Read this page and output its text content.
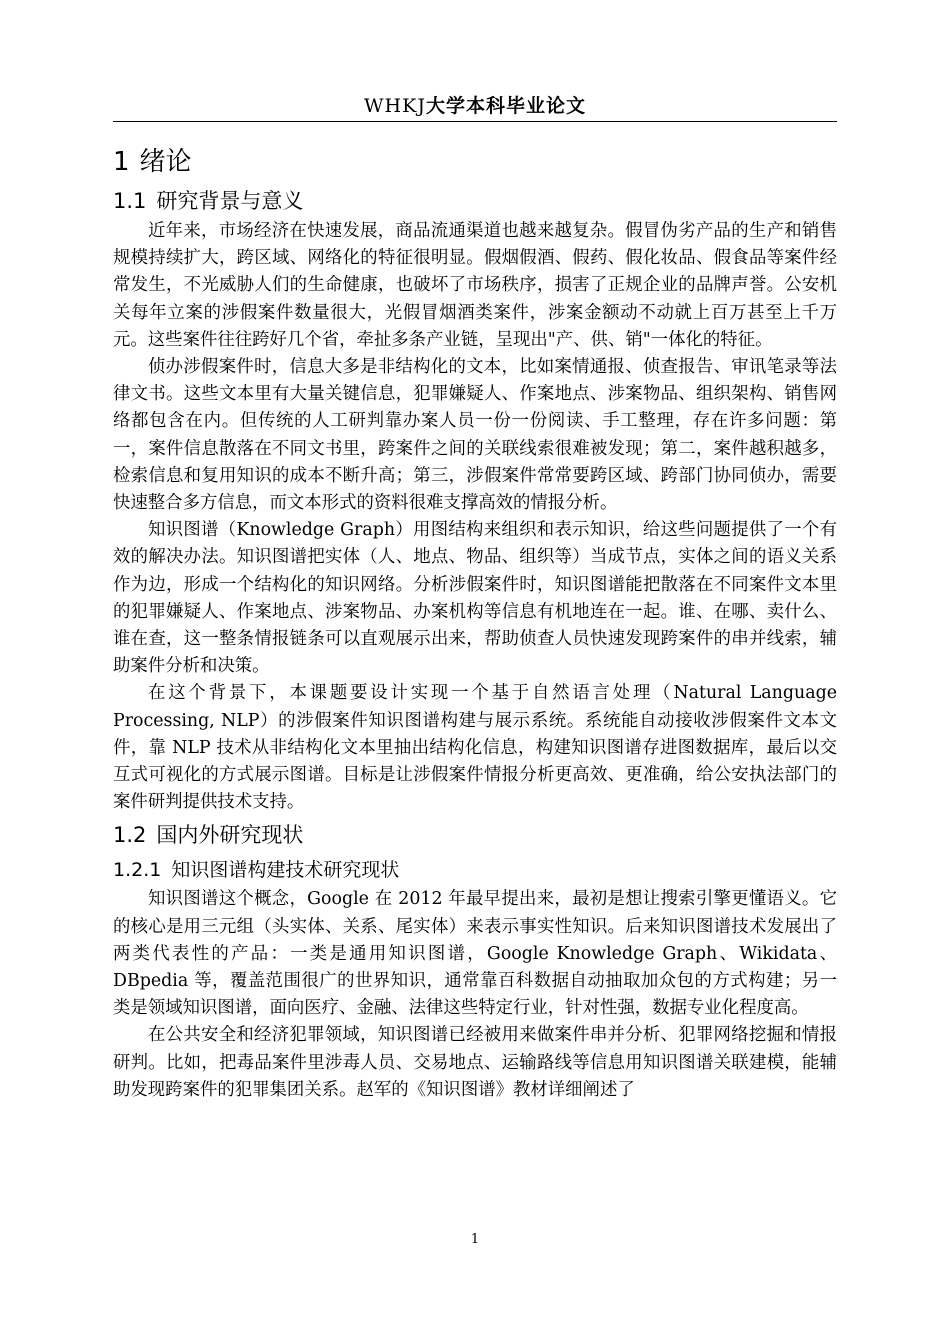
WHKJ大学本科毕业论文
1 绪论
1.1 研究背景与意义

近年来，市场经济在快速发展，商品流通渠道也越来越复杂。假冒伪劣产品的生产和销售规模持续扩大，跨区域、网络化的特征很明显。假烟假酒、假药、假化妆品、假食品等案件经常发生，不光威胁人们的生命健康，也破坏了市场秩序，损害了正规企业的品牌声誉。公安机关每年立案的涉假案件数量很大，光假冒烟酒类案件，涉案金额动不动就上百万甚至上千万元。这些案件往往跨好几个省，牵扯多条产业链，呈现出"产、供、销"一体化的特征。

侦办涉假案件时，信息大多是非结构化的文本，比如案情通报、侦查报告、审讯笔录等法律文书。这些文本里有大量关键信息，犯罪嫌疑人、作案地点、涉案物品、组织架构、销售网络都包含在内。但传统的人工研判靠办案人员一份一份阅读、手工整理，存在许多问题：第一，案件信息散落在不同文书里，跨案件之间的关联线索很难被发现；第二，案件越积越多，检索信息和复用知识的成本不断升高；第三，涉假案件常常要跨区域、跨部门协同侦办，需要快速整合多方信息，而文本形式的资料很难支撑高效的情报分析。

知识图谱（Knowledge Graph）用图结构来组织和表示知识，给这些问题提供了一个有效的解决办法。知识图谱把实体（人、地点、物品、组织等）当成节点，实体之间的语义关系作为边，形成一个结构化的知识网络。分析涉假案件时，知识图谱能把散落在不同案件文本里的犯罪嫌疑人、作案地点、涉案物品、办案机构等信息有机地连在一起。谁、在哪、卖什么、谁在查，这一整条情报链条可以直观展示出来，帮助侦查人员快速发现跨案件的串并线索，辅助案件分析和决策。

在这个背景下，本课题要设计实现一个基于自然语言处理（Natural Language Processing, NLP）的涉假案件知识图谱构建与展示系统。系统能自动接收涉假案件文本文件，靠 NLP 技术从非结构化文本里抽出结构化信息，构建知识图谱存进图数据库，最后以交互式可视化的方式展示图谱。目标是让涉假案件情报分析更高效、更准确，给公安执法部门的案件研判提供技术支持。

1.2 国内外研究现状
1.2.1 知识图谱构建技术研究现状

知识图谱这个概念，Google 在 2012 年最早提出来，最初是想让搜索引擎更懂语义。它的核心是用三元组（头实体、关系、尾实体）来表示事实性知识。后来知识图谱技术发展出了两类代表性的产品：一类是通用知识图谱，Google Knowledge Graph、Wikidata、DBpedia 等，覆盖范围很广的世界知识，通常靠百科数据自动抽取加众包的方式构建；另一类是领域知识图谱，面向医疗、金融、法律这些特定行业，针对性强，数据专业化程度高。

在公共安全和经济犯罪领域，知识图谱已经被用来做案件串并分析、犯罪网络挖掘和情报研判。比如，把毒品案件里涉毒人员、交易地点、运输路线等信息用知识图谱关联建模，能辅助发现跨案件的犯罪集团关系。赵军的《知识图谱》教材详细阐述了

1
